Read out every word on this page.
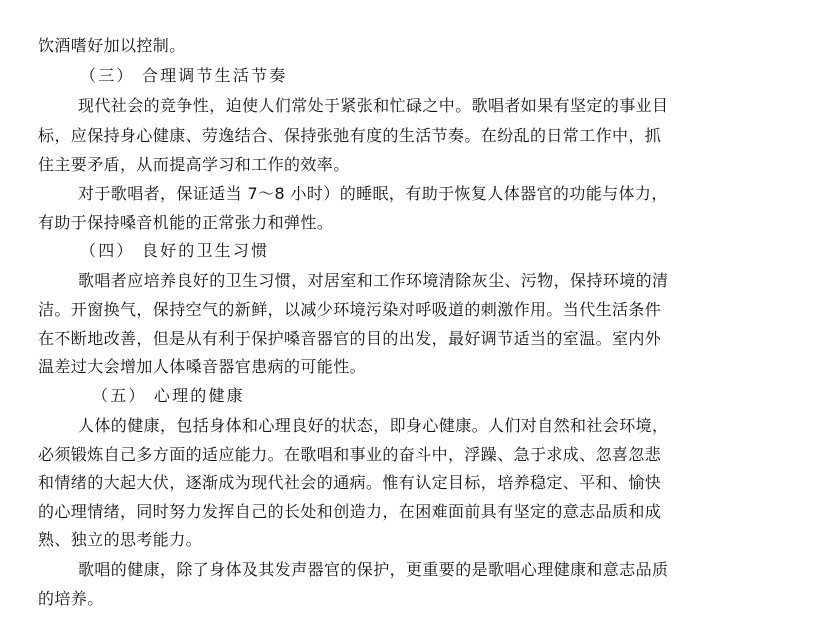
饮酒嗜好加以控制。
（三） 合理调节生活节奏
现代社会的竞争性，迫使人们常处于紧张和忙碌之中。歌唱者如果有坚定的事业目
标，应保持身心健康、劳逸结合、保持张弛有度的生活节奏。在纷乱的日常工作中，抓
住主要矛盾，从而提高学习和工作的效率。
对于歌唱者，保证适当 7～8 小时）的睡眠，有助于恢复人体器官的功能与体力，
有助于保持嗓音机能的正常张力和弹性。
（四） 良好的卫生习惯
歌唱者应培养良好的卫生习惯，对居室和工作环境清除灰尘、污物，保持环境的清
洁。开窗换气，保持空气的新鲜，以减少环境污染对呼吸道的刺激作用。当代生活条件
在不断地改善，但是从有利于保护嗓音器官的目的出发，最好调节适当的室温。室内外
温差过大会增加人体嗓音器官患病的可能性。
（五） 心理的健康
人体的健康，包括身体和心理良好的状态，即身心健康。人们对自然和社会环境，
必须锻炼自己多方面的适应能力。在歌唱和事业的奋斗中，浮躁、急于求成、忽喜忽悲
和情绪的大起大伏，逐渐成为现代社会的通病。惟有认定目标，培养稳定、平和、愉快
的心理情绪，同时努力发挥自己的长处和创造力，在困难面前具有坚定的意志品质和成
熟、独立的思考能力。
歌唱的健康，除了身体及其发声器官的保护，更重要的是歌唱心理健康和意志品质
的培养。
